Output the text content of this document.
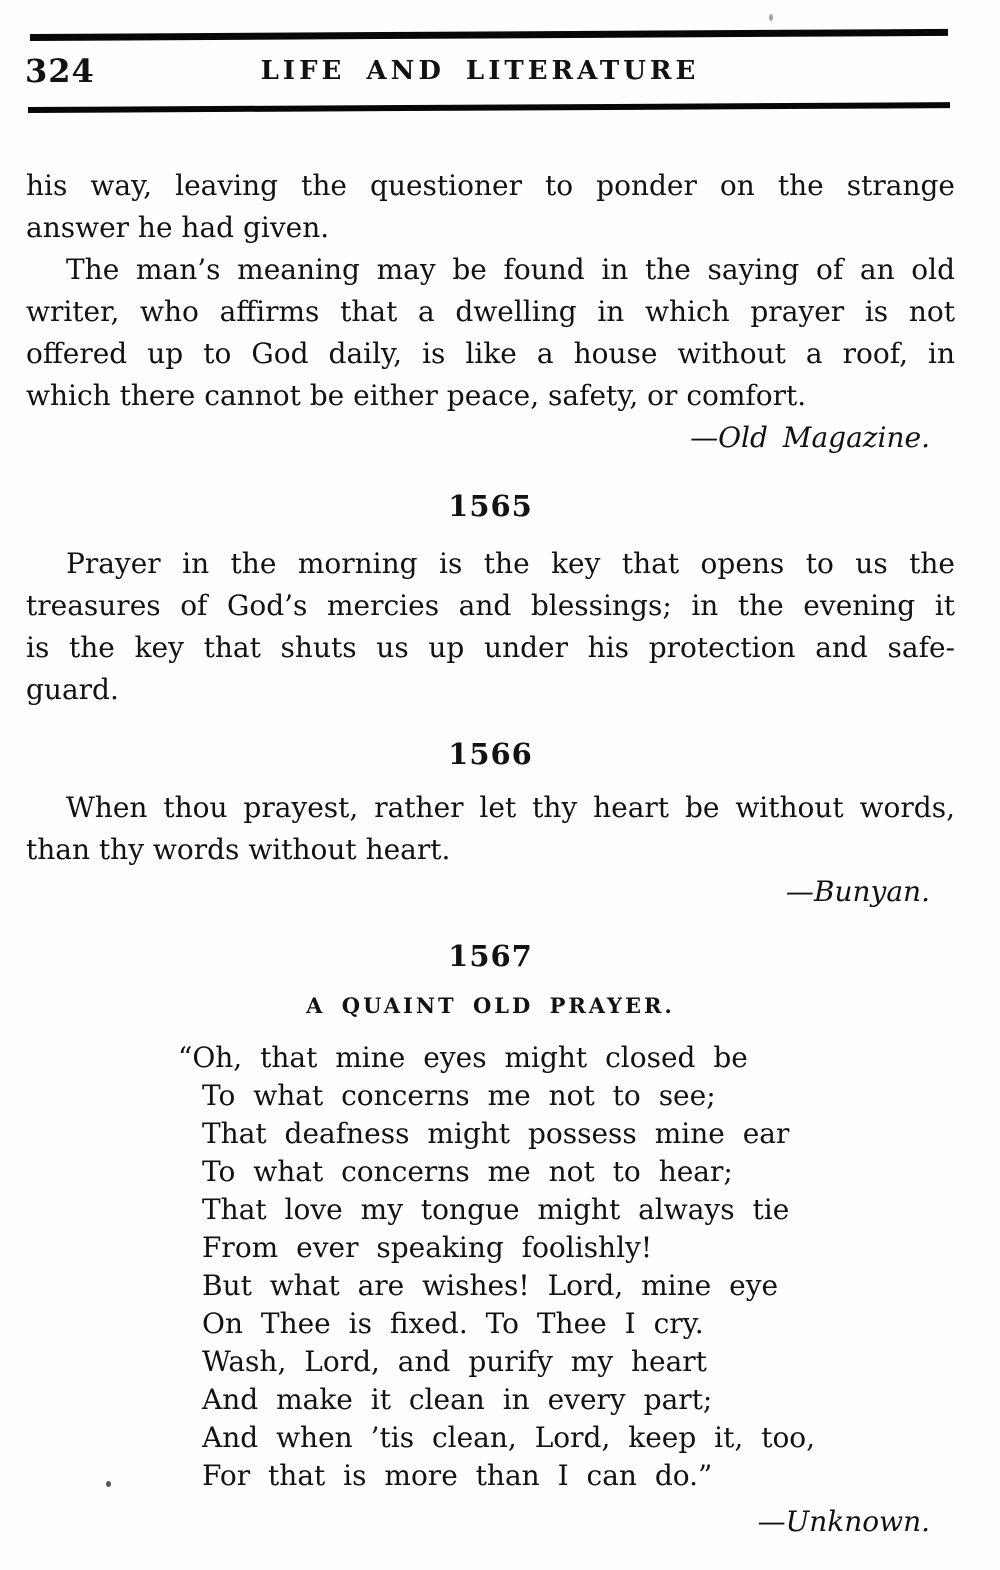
324	LIFE AND LITERATURE
his way, leaving the questioner to ponder on the strange
answer he had given.
The man’s meaning may be found in the saying of an old
writer, who affirms that a dwelling in which prayer is not
offered up to God daily, is like a house without a roof, in
which there cannot be either peace, safety, or comfort.
—Old Magazine.
1565
Prayer in the morning is the key that opens to us the
treasures of God’s mercies and blessings; in the evening it
is the key that shuts us up under his protection and safe-
guard.
1566
When thou prayest, rather let thy heart be without words,
than thy words without heart.
—Bunyan.
1567
A QUAINT OLD PRAYER.
“Oh, that mine eyes might closed be
To what concerns me not to see;
That deafness might possess mine ear
To what concerns me not to hear;
That love my tongue might always tie
From ever speaking foolishly!
But what are wishes! Lord, mine eye
On Thee is fixed. To Thee I cry.
Wash, Lord, and purify my heart
And make it clean in every part;
And when ’tis clean, Lord, keep it, too,
For that is more than I can do.”
—Unknown.
